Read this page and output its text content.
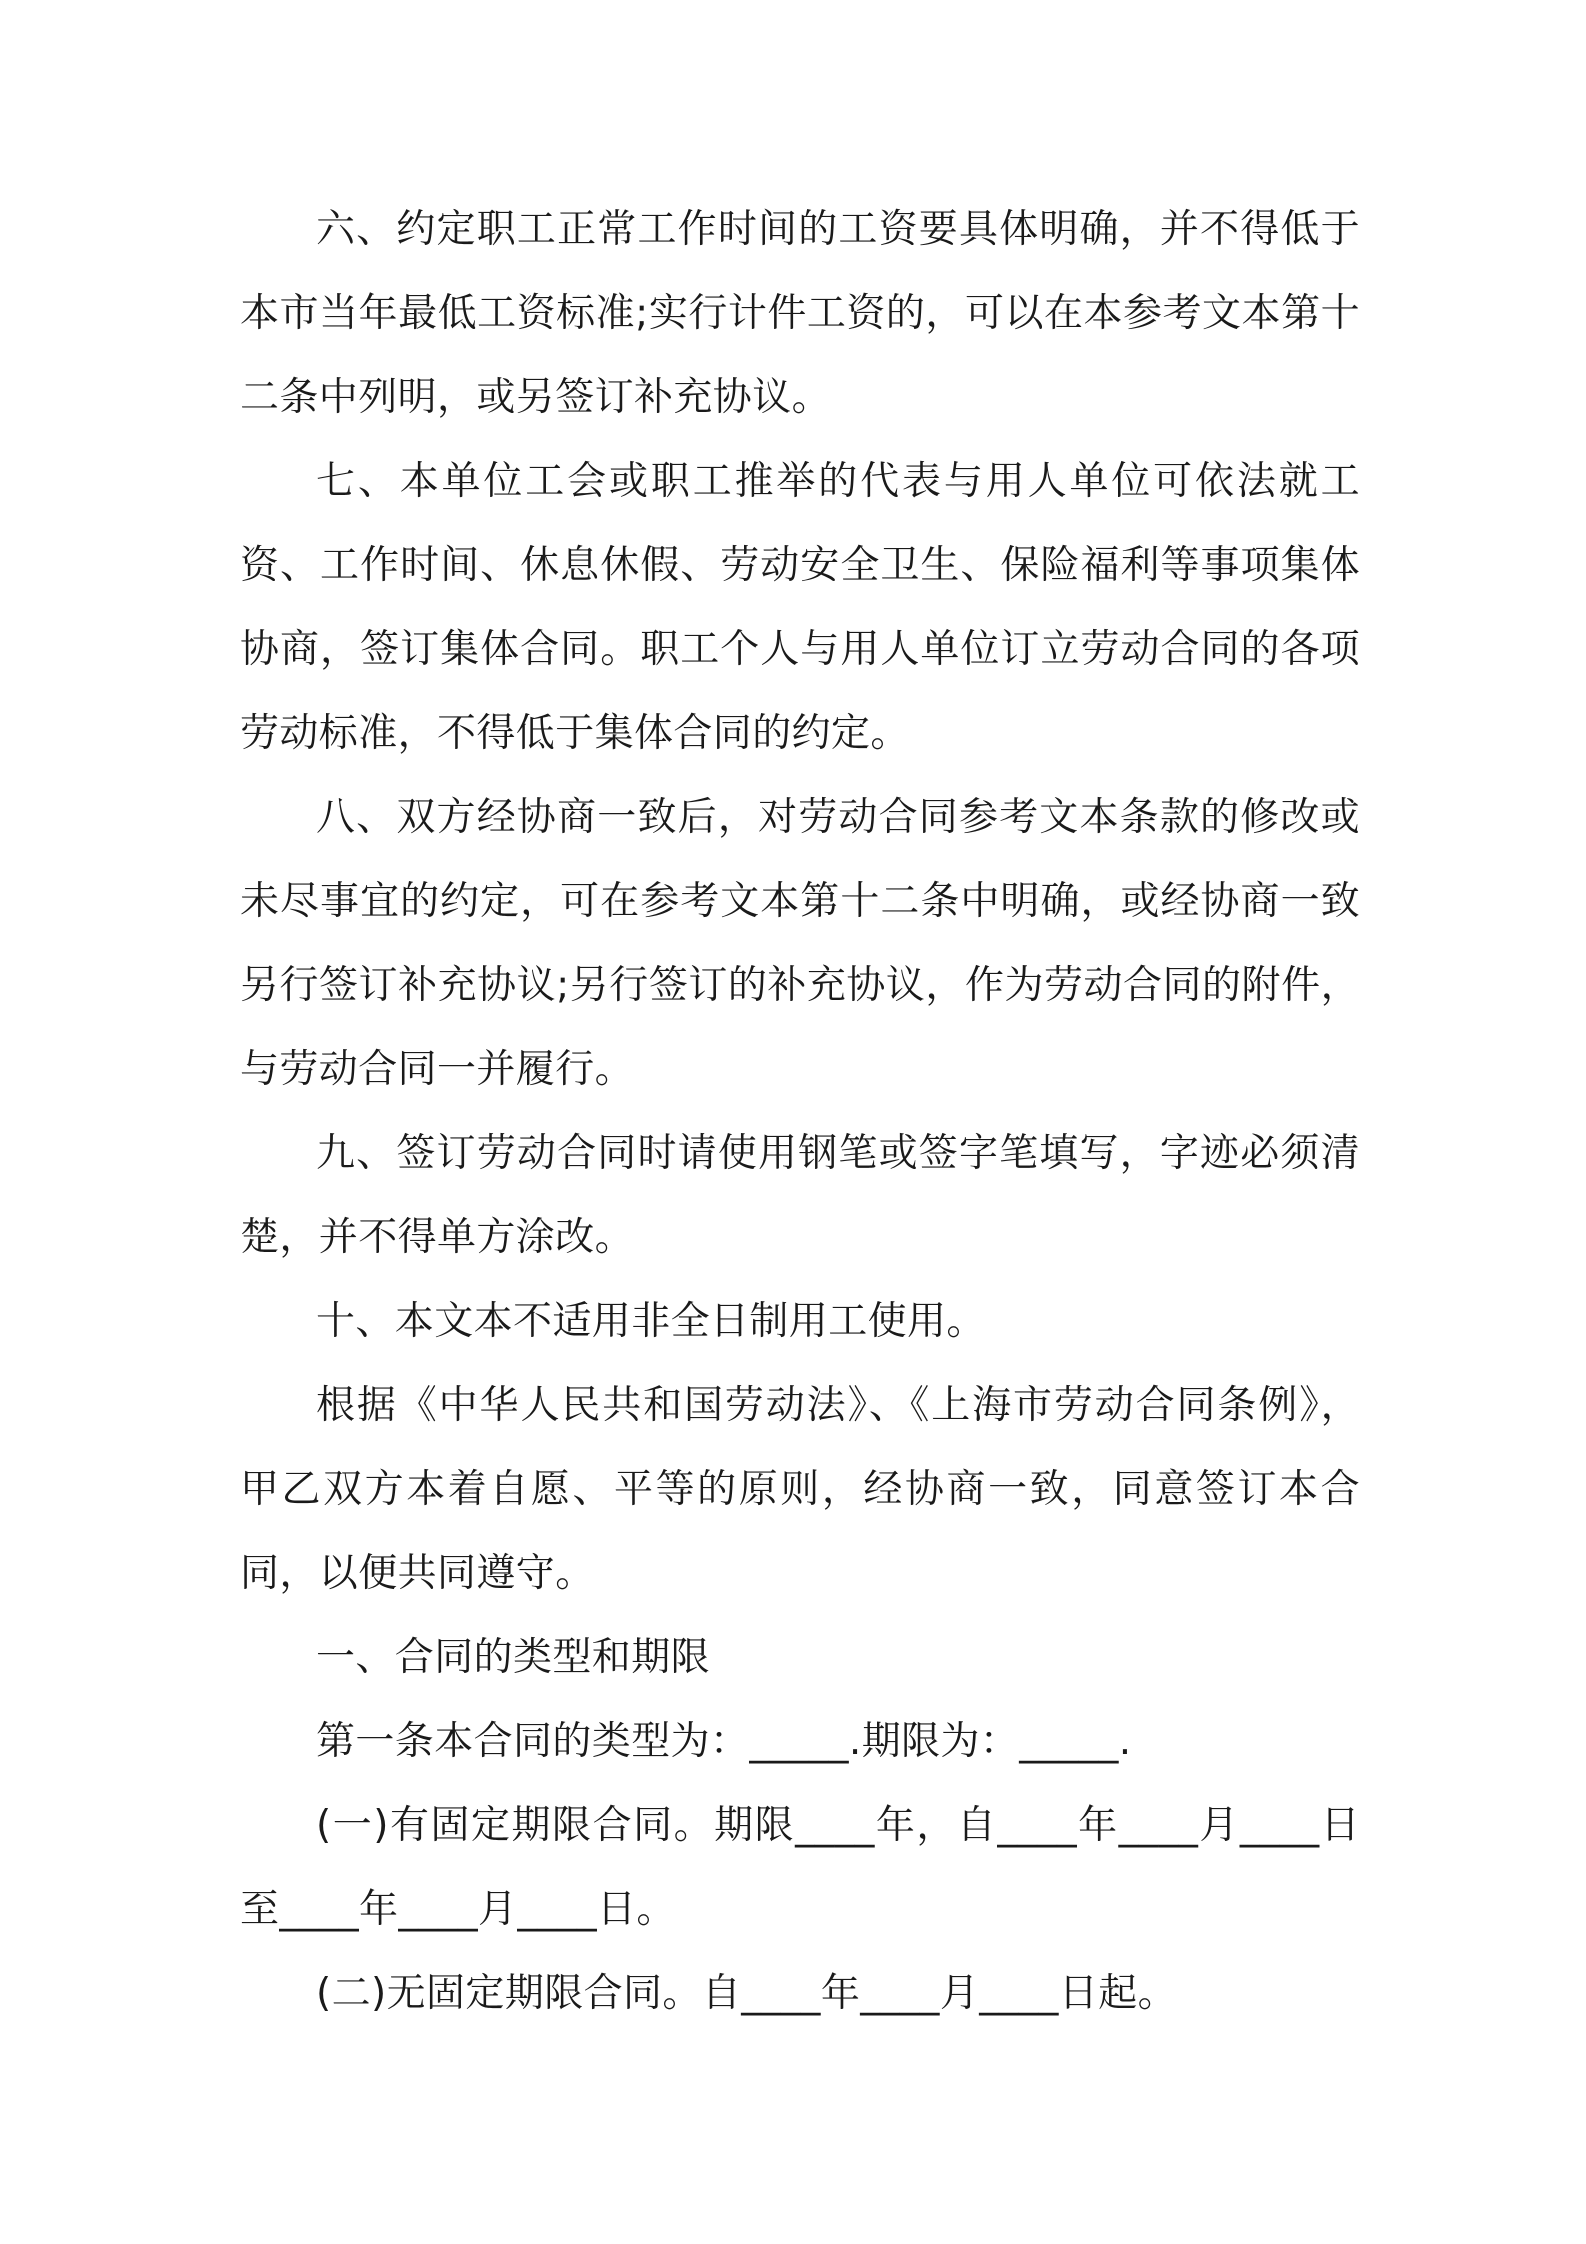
六、约定职工正常工作时间的工资要具体明确，并不得低于本市当年最低工资标准;实行计件工资的，可以在本参考文本第十二条中列明，或另签订补充协议。

七、本单位工会或职工推举的代表与用人单位可依法就工资、工作时间、休息休假、劳动安全卫生、保险福利等事项集体协商，签订集体合同。职工个人与用人单位订立劳动合同的各项劳动标准，不得低于集体合同的约定。

八、双方经协商一致后，对劳动合同参考文本条款的修改或未尽事宜的约定，可在参考文本第十二条中明确，或经协商一致另行签订补充协议;另行签订的补充协议，作为劳动合同的附件，与劳动合同一并履行。

九、签订劳动合同时请使用钢笔或签字笔填写，字迹必须清楚，并不得单方涂改。

十、本文本不适用非全日制用工使用。

根据《中华人民共和国劳动法》、《上海市劳动合同条例》，甲乙双方本着自愿、平等的原则，经协商一致，同意签订本合同，以便共同遵守。

一、合同的类型和期限

第一条本合同的类型为：_____.期限为：_____.

(一)有固定期限合同。期限____年，自____年____月____日至____年____月____日。

(二)无固定期限合同。自____年____月____日起。
